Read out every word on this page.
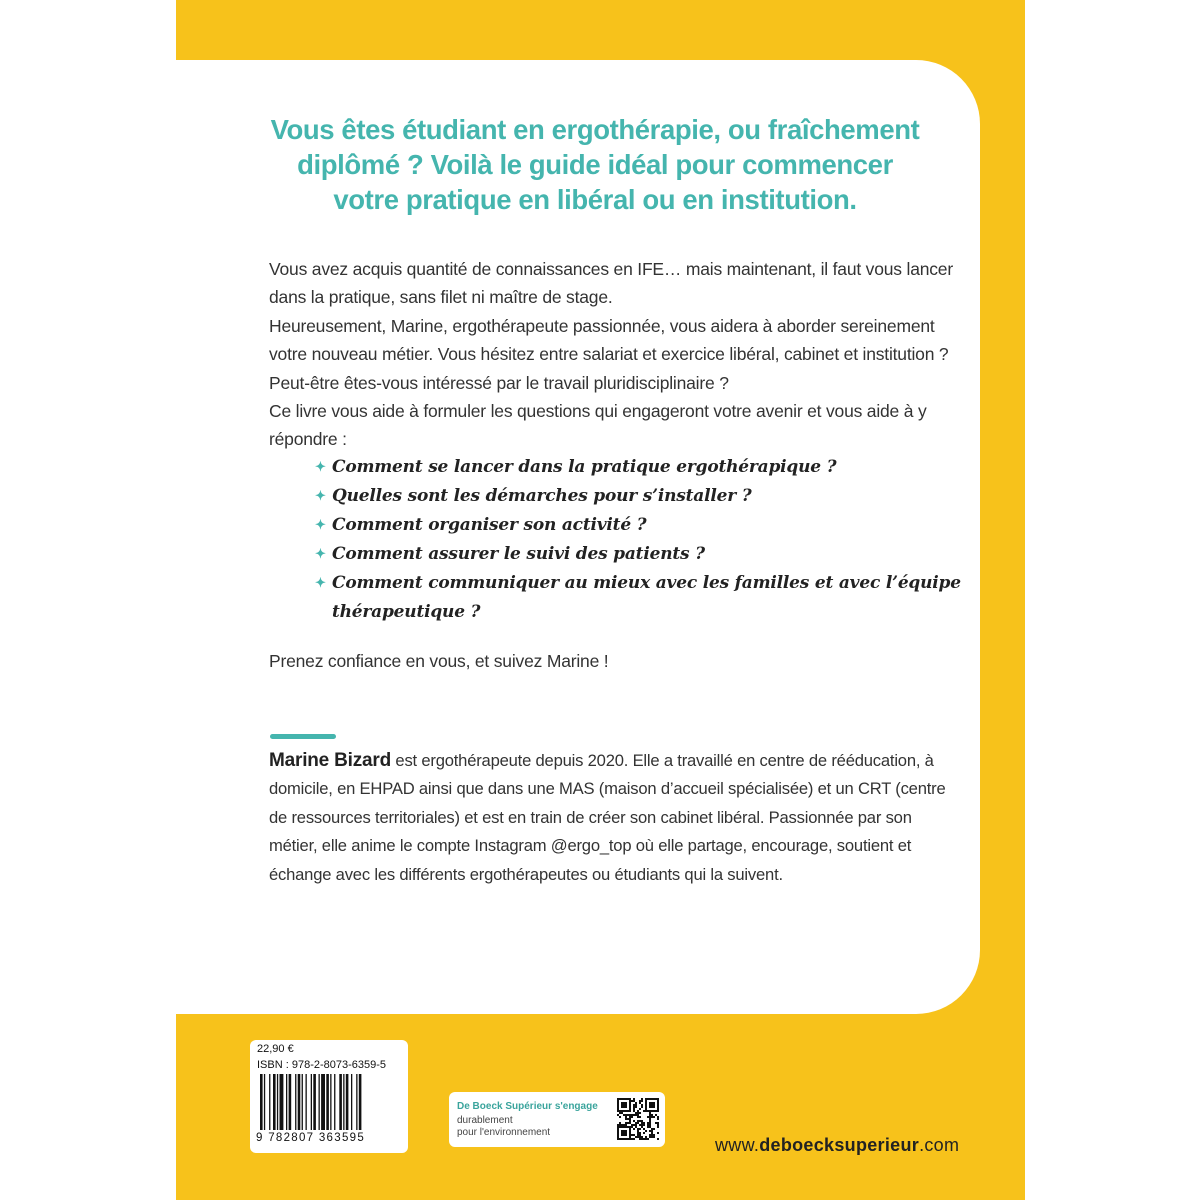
Vous êtes étudiant en ergothérapie, ou fraîchement diplômé ? Voilà le guide idéal pour commencer votre pratique en libéral ou en institution.

Vous avez acquis quantité de connaissances en IFE… mais maintenant, il faut vous lancer dans la pratique, sans filet ni maître de stage.

Heureusement, Marine, ergothérapeute passionnée, vous aidera à aborder sereinement votre nouveau métier. Vous hésitez entre salariat et exercice libéral, cabinet et institution ?

Peut-être êtes-vous intéressé par le travail pluridisciplinaire ?

Ce livre vous aide à formuler les questions qui engageront votre avenir et vous aide à y répondre :

✦ Comment se lancer dans la pratique ergothérapique ?
✦ Quelles sont les démarches pour s’installer ?
✦ Comment organiser son activité ?
✦ Comment assurer le suivi des patients ?
✦ Comment communiquer au mieux avec les familles et avec l’équipe thérapeutique ?

Prenez confiance en vous, et suivez Marine !

Marine Bizard est ergothérapeute depuis 2020. Elle a travaillé en centre de rééducation, à domicile, en EHPAD ainsi que dans une MAS (maison d’accueil spécialisée) et un CRT (centre de ressources territoriales) et est en train de créer son cabinet libéral. Passionnée par son métier, elle anime le compte Instagram @ergo_top où elle partage, encourage, soutient et échange avec les différents ergothérapeutes ou étudiants qui la suivent.

22,90 €
ISBN : 978-2-8073-6359-5
9 782807 363595
De Boeck Supérieur s'engage
durablement
pour l'environnement
www.deboecksuperieur.com
